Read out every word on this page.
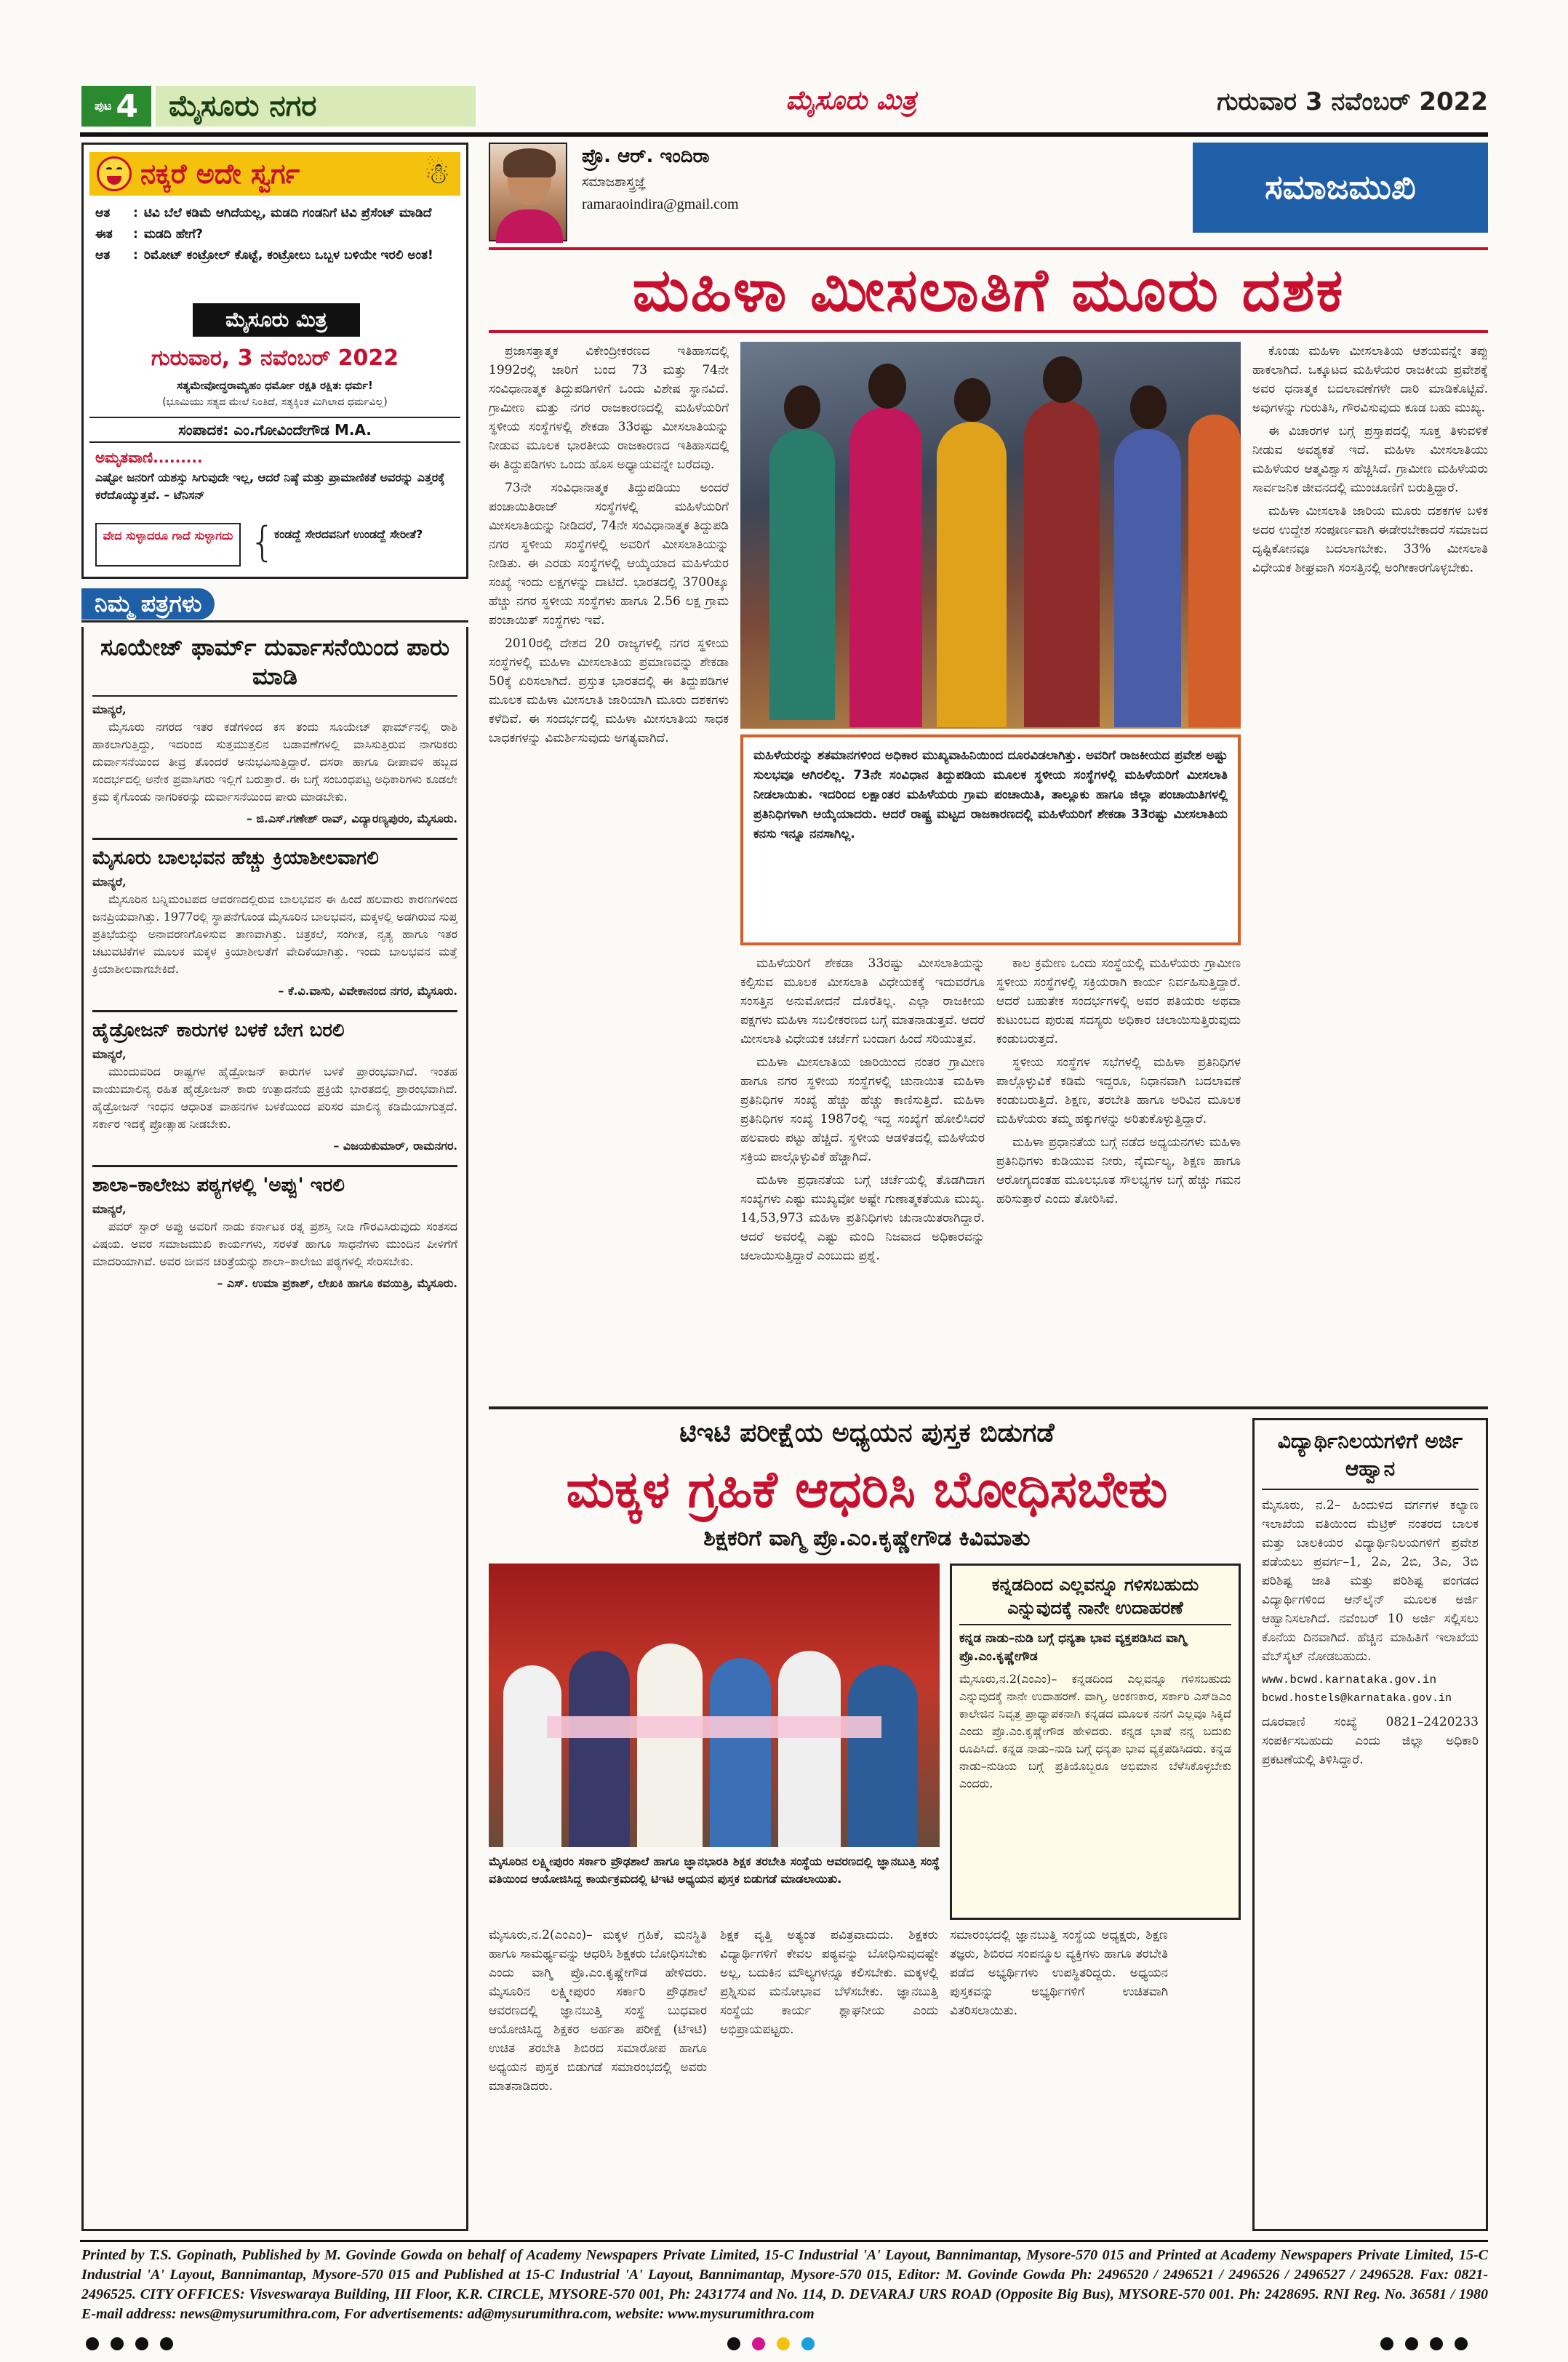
ಪುಟ 4 ಮೈಸೂರು ನಗರ	ಮೈಸೂರು ಮಿತ್ರ	ಗುರುವಾರ 3 ನವೆಂಬರ್ 2022
ನಕ್ಕರೆ ಅದೇ ಸ್ವರ್ಗ	☃
ಆತ	: ಟಿವಿ ಬೆಲೆ ಕಡಿಮೆ ಆಗಿದೆಯಲ್ಲ, ಮಡದಿ ಗಂಡನಿಗೆ ಟಿವಿ ಪ್ರೆಸೆಂಟ್ ಮಾಡಿದೆ
ಈತ	: ಮಡದಿ ಹೇಗೆ?
ಆತ	: ರಿಮೋಟ್ ಕಂಟ್ರೋಲ್ ಕೊಟ್ಟೆ, ಕಂಟ್ರೋಲು ಒಬ್ಬಳ ಬಳಿಯೇ ಇರಲಿ ಅಂತ!
ಮೈಸೂರು ಮಿತ್ರ
ಗುರುವಾರ, 3 ನವೆಂಬರ್ 2022
ಸತ್ಯಮೇವೋದ್ಧರಾಮ್ಯಹಂ ಧರ್ಮೋ ರಕ್ಷತಿ ರಕ್ಷಿತಃ ಧರ್ಮ!
(ಭೂಮಿಯು ಸತ್ಯದ ಮೇಲೆ ನಿಂತಿದೆ, ಸತ್ಯಕ್ಕಿಂತ ಮಿಗಿಲಾದ ಧರ್ಮವಿಲ್ಲ)
ಸಂಪಾದಕ: ಎಂ.ಗೋವಿಂದೇಗೌಡ M.A.
ಅಮೃತವಾಣಿ.........
ಎಷ್ಟೋ ಜನರಿಗೆ ಯಶಸ್ಸು ಸಿಗುವುದೇ ಇಲ್ಲ, ಆದರೆ ನಿಷ್ಠೆ ಮತ್ತು ಪ್ರಾಮಾಣಿಕತೆ ಅವರನ್ನು ಎತ್ತರಕ್ಕೆ ಕರೆದೊಯ್ಯುತ್ತವೆ. – ಟೆನಿಸನ್
ವೇದ ಸುಳ್ಳಾದರೂ ಗಾದೆ ಸುಳ್ಳಾಗದು {
ಕಂಡದ್ದೆ ಸೇರದವನಿಗೆ ಉಂಡದ್ದೆ ಸೇರೀತೆ?
ನಿಮ್ಮ ಪತ್ರಗಳು
ಸೂಯೇಜ್ ಫಾರ್ಮ್ ದುರ್ವಾಸನೆಯಿಂದ ಪಾರು ಮಾಡಿ
ಮಾನ್ಯರೆ,

ಮೈಸೂರು ನಗರದ ಇತರ ಕಡೆಗಳಿಂದ ಕಸ ತಂದು ಸೂಯೇಜ್ ಫಾರ್ಮ್‌ನಲ್ಲಿ ರಾಶಿ ಹಾಕಲಾಗುತ್ತಿದ್ದು, ಇದರಿಂದ ಸುತ್ತಮುತ್ತಲಿನ ಬಡಾವಣೆಗಳಲ್ಲಿ ವಾಸಿಸುತ್ತಿರುವ ನಾಗರಿಕರು ದುರ್ವಾಸನೆಯಿಂದ ತೀವ್ರ ತೊಂದರೆ ಅನುಭವಿಸುತ್ತಿದ್ದಾರೆ. ದಸರಾ ಹಾಗೂ ದೀಪಾವಳಿ ಹಬ್ಬದ ಸಂದರ್ಭದಲ್ಲಿ ಅನೇಕ ಪ್ರವಾಸಿಗರು ಇಲ್ಲಿಗೆ ಬರುತ್ತಾರೆ. ಈ ಬಗ್ಗೆ ಸಂಬಂಧಪಟ್ಟ ಅಧಿಕಾರಿಗಳು ಕೂಡಲೇ ಕ್ರಮ ಕೈಗೊಂಡು ನಾಗರಿಕರನ್ನು ದುರ್ವಾಸನೆಯಿಂದ ಪಾರು ಮಾಡಬೇಕು.

– ಜಿ.ಎಸ್.ಗಣೇಶ್ ರಾವ್, ವಿದ್ಯಾರಣ್ಯಪುರಂ, ಮೈಸೂರು.
ಮೈಸೂರು ಬಾಲಭವನ ಹೆಚ್ಚು ಕ್ರಿಯಾಶೀಲವಾಗಲಿ
ಮಾನ್ಯರೆ,

ಮೈಸೂರಿನ ಬನ್ನಿಮಂಟಪದ ಆವರಣದಲ್ಲಿರುವ ಬಾಲಭವನ ಈ ಹಿಂದೆ ಹಲವಾರು ಕಾರಣಗಳಿಂದ ಜನಪ್ರಿಯವಾಗಿತ್ತು. 1977ರಲ್ಲಿ ಸ್ಥಾಪನೆಗೊಂಡ ಮೈಸೂರಿನ ಬಾಲಭವನ, ಮಕ್ಕಳಲ್ಲಿ ಅಡಗಿರುವ ಸುಪ್ತ ಪ್ರತಿಭೆಯನ್ನು ಅನಾವರಣಗೊಳಿಸುವ ತಾಣವಾಗಿತ್ತು. ಚಿತ್ರಕಲೆ, ಸಂಗೀತ, ನೃತ್ಯ ಹಾಗೂ ಇತರ ಚಟುವಟಿಕೆಗಳ ಮೂಲಕ ಮಕ್ಕಳ ಕ್ರಿಯಾಶೀಲತೆಗೆ ವೇದಿಕೆಯಾಗಿತ್ತು. ಇಂದು ಬಾಲಭವನ ಮತ್ತೆ ಕ್ರಿಯಾಶೀಲವಾಗಬೇಕಿದೆ.

– ಕೆ.ವಿ.ವಾಸು, ವಿವೇಕಾನಂದ ನಗರ, ಮೈಸೂರು.
ಹೈಡ್ರೋಜನ್ ಕಾರುಗಳ ಬಳಕೆ ಬೇಗ ಬರಲಿ
ಮಾನ್ಯರೆ,

ಮುಂದುವರಿದ ರಾಷ್ಟ್ರಗಳ ಹೈಡ್ರೋಜನ್ ಕಾರುಗಳ ಬಳಕೆ ಪ್ರಾರಂಭವಾಗಿದೆ. ಇಂತಹ ವಾಯುಮಾಲಿನ್ಯ ರಹಿತ ಹೈಡ್ರೋಜನ್ ಕಾರು ಉತ್ಪಾದನೆಯ ಪ್ರಕ್ರಿಯೆ ಭಾರತದಲ್ಲಿ ಪ್ರಾರಂಭವಾಗಿದೆ. ಹೈಡ್ರೋಜನ್ ಇಂಧನ ಆಧಾರಿತ ವಾಹನಗಳ ಬಳಕೆಯಿಂದ ಪರಿಸರ ಮಾಲಿನ್ಯ ಕಡಿಮೆಯಾಗುತ್ತದೆ. ಸರ್ಕಾರ ಇದಕ್ಕೆ ಪ್ರೋತ್ಸಾಹ ನೀಡಬೇಕು.

– ವಿಜಯಕುಮಾರ್, ರಾಮನಗರ.
ಶಾಲಾ–ಕಾಲೇಜು ಪಠ್ಯಗಳಲ್ಲಿ 'ಅಪ್ಪು' ಇರಲಿ
ಮಾನ್ಯರೆ,

ಪವರ್ ಸ್ಟಾರ್ ಅಪ್ಪು ಅವರಿಗೆ ನಾಡು ಕರ್ನಾಟಕ ರತ್ನ ಪ್ರಶಸ್ತಿ ನೀಡಿ ಗೌರವಿಸಿರುವುದು ಸಂತಸದ ವಿಷಯ. ಅವರ ಸಮಾಜಮುಖಿ ಕಾರ್ಯಗಳು, ಸರಳತೆ ಹಾಗೂ ಸಾಧನೆಗಳು ಮುಂದಿನ ಪೀಳಿಗೆಗೆ ಮಾದರಿಯಾಗಿವೆ. ಅವರ ಜೀವನ ಚರಿತ್ರೆಯನ್ನು ಶಾಲಾ–ಕಾಲೇಜು ಪಠ್ಯಗಳಲ್ಲಿ ಸೇರಿಸಬೇಕು.

– ಎಸ್. ಉಮಾ ಪ್ರಕಾಶ್, ಲೇಖಕಿ ಹಾಗೂ ಕವಯಿತ್ರಿ, ಮೈಸೂರು.
ಪ್ರೊ. ಆರ್. ಇಂದಿರಾ
ಸಮಾಜಶಾಸ್ತ್ರಜ್ಞೆ
ramaraoindira@gmail.com	ಸಮಾಜಮುಖಿ
ಮಹಿಳಾ ಮೀಸಲಾತಿಗೆ ಮೂರು ದಶಕ

ಪ್ರಜಾಸತ್ತಾತ್ಮಕ ವಿಕೇಂದ್ರೀಕರಣದ ಇತಿಹಾಸದಲ್ಲಿ 1992ರಲ್ಲಿ ಜಾರಿಗೆ ಬಂದ 73 ಮತ್ತು 74ನೇ ಸಂವಿಧಾನಾತ್ಮಕ ತಿದ್ದುಪಡಿಗಳಿಗೆ ಒಂದು ವಿಶೇಷ ಸ್ಥಾನವಿದೆ. ಗ್ರಾಮೀಣ ಮತ್ತು ನಗರ ರಾಜಕಾರಣದಲ್ಲಿ ಮಹಿಳೆಯರಿಗೆ ಸ್ಥಳೀಯ ಸಂಸ್ಥೆಗಳಲ್ಲಿ ಶೇಕಡಾ 33ರಷ್ಟು ಮೀಸಲಾತಿಯನ್ನು ನೀಡುವ ಮೂಲಕ ಭಾರತೀಯ ರಾಜಕಾರಣದ ಇತಿಹಾಸದಲ್ಲಿ ಈ ತಿದ್ದುಪಡಿಗಳು ಒಂದು ಹೊಸ ಅಧ್ಯಾಯವನ್ನೇ ಬರೆದವು.

73ನೇ ಸಂವಿಧಾನಾತ್ಮಕ ತಿದ್ದುಪಡಿಯು ಅಂದರೆ ಪಂಚಾಯಿತಿರಾಜ್ ಸಂಸ್ಥೆಗಳಲ್ಲಿ ಮಹಿಳೆಯರಿಗೆ ಮೀಸಲಾತಿಯನ್ನು ನೀಡಿದರೆ, 74ನೇ ಸಂವಿಧಾನಾತ್ಮಕ ತಿದ್ದುಪಡಿ ನಗರ ಸ್ಥಳೀಯ ಸಂಸ್ಥೆಗಳಲ್ಲಿ ಅವರಿಗೆ ಮೀಸಲಾತಿಯನ್ನು ನೀಡಿತು. ಈ ಎರಡು ಸಂಸ್ಥೆಗಳಲ್ಲಿ ಆಯ್ಕೆಯಾದ ಮಹಿಳೆಯರ ಸಂಖ್ಯೆ ಇಂದು ಲಕ್ಷಗಳನ್ನು ದಾಟಿದೆ. ಭಾರತದಲ್ಲಿ 3700ಕ್ಕೂ ಹೆಚ್ಚು ನಗರ ಸ್ಥಳೀಯ ಸಂಸ್ಥೆಗಳು ಹಾಗೂ 2.56 ಲಕ್ಷ ಗ್ರಾಮ ಪಂಚಾಯಿತ್ ಸಂಸ್ಥೆಗಳು ಇವೆ.

2010ರಲ್ಲಿ ದೇಶದ 20 ರಾಜ್ಯಗಳಲ್ಲಿ ನಗರ ಸ್ಥಳೀಯ ಸಂಸ್ಥೆಗಳಲ್ಲಿ ಮಹಿಳಾ ಮೀಸಲಾತಿಯ ಪ್ರಮಾಣವನ್ನು ಶೇಕಡಾ 50ಕ್ಕೆ ಏರಿಸಲಾಗಿದೆ. ಪ್ರಸ್ತುತ ಭಾರತದಲ್ಲಿ ಈ ತಿದ್ದುಪಡಿಗಳ ಮೂಲಕ ಮಹಿಳಾ ಮೀಸಲಾತಿ ಜಾರಿಯಾಗಿ ಮೂರು ದಶಕಗಳು ಕಳೆದಿವೆ. ಈ ಸಂದರ್ಭದಲ್ಲಿ ಮಹಿಳಾ ಮೀಸಲಾತಿಯ ಸಾಧಕ ಬಾಧಕಗಳನ್ನು ವಿಮರ್ಶಿಸುವುದು ಅಗತ್ಯವಾಗಿದೆ.

ಕೊಂಡು ಮಹಿಳಾ ಮೀಸಲಾತಿಯ ಆಶಯವನ್ನೇ ತಪ್ಪು ಹಾಕಲಾಗಿದೆ. ಒಕ್ಕೂಟದ ಮಹಿಳೆಯರ ರಾಜಕೀಯ ಪ್ರವೇಶಕ್ಕೆ ಅವರ ಧನಾತ್ಮಕ ಬದಲಾವಣೆಗಳೇ ದಾರಿ ಮಾಡಿಕೊಟ್ಟಿವೆ. ಅವುಗಳನ್ನು ಗುರುತಿಸಿ, ಗೌರವಿಸುವುದು ಕೂಡ ಬಹು ಮುಖ್ಯ.

ಈ ವಿಚಾರಗಳ ಬಗ್ಗೆ ಪ್ರಸ್ತಾಪದಲ್ಲಿ ಸೂಕ್ತ ತಿಳುವಳಿಕೆ ನೀಡುವ ಅವಶ್ಯಕತೆ ಇದೆ. ಮಹಿಳಾ ಮೀಸಲಾತಿಯು ಮಹಿಳೆಯರ ಆತ್ಮವಿಶ್ವಾಸ ಹೆಚ್ಚಿಸಿದೆ. ಗ್ರಾಮೀಣ ಮಹಿಳೆಯರು ಸಾರ್ವಜನಿಕ ಜೀವನದಲ್ಲಿ ಮುಂಚೂಣಿಗೆ ಬರುತ್ತಿದ್ದಾರೆ.

ಮಹಿಳಾ ಮೀಸಲಾತಿ ಜಾರಿಯ ಮೂರು ದಶಕಗಳ ಬಳಿಕ ಅದರ ಉದ್ದೇಶ ಸಂಪೂರ್ಣವಾಗಿ ಈಡೇರಬೇಕಾದರೆ ಸಮಾಜದ ದೃಷ್ಟಿಕೋನವೂ ಬದಲಾಗಬೇಕು. 33% ಮೀಸಲಾತಿ ವಿಧೇಯಕ ಶೀಘ್ರವಾಗಿ ಸಂಸತ್ತಿನಲ್ಲಿ ಅಂಗೀಕಾರಗೊಳ್ಳಬೇಕು.

ಮಹಿಳೆಯರನ್ನು ಶತಮಾನಗಳಿಂದ ಅಧಿಕಾರ ಮುಖ್ಯವಾಹಿನಿಯಿಂದ ದೂರವಿಡಲಾಗಿತ್ತು. ಅವರಿಗೆ ರಾಜಕೀಯದ ಪ್ರವೇಶ ಅಷ್ಟು ಸುಲಭವೂ ಆಗಿರಲಿಲ್ಲ. 73ನೇ ಸಂವಿಧಾನ ತಿದ್ದುಪಡಿಯ ಮೂಲಕ ಸ್ಥಳೀಯ ಸಂಸ್ಥೆಗಳಲ್ಲಿ ಮಹಿಳೆಯರಿಗೆ ಮೀಸಲಾತಿ ನೀಡಲಾಯಿತು. ಇದರಿಂದ ಲಕ್ಷಾಂತರ ಮಹಿಳೆಯರು ಗ್ರಾಮ ಪಂಚಾಯಿತಿ, ತಾಲ್ಲೂಕು ಹಾಗೂ ಜಿಲ್ಲಾ ಪಂಚಾಯಿತಿಗಳಲ್ಲಿ ಪ್ರತಿನಿಧಿಗಳಾಗಿ ಆಯ್ಕೆಯಾದರು. ಆದರೆ ರಾಷ್ಟ್ರ ಮಟ್ಟದ ರಾಜಕಾರಣದಲ್ಲಿ ಮಹಿಳೆಯರಿಗೆ ಶೇಕಡಾ 33ರಷ್ಟು ಮೀಸಲಾತಿಯ ಕನಸು ಇನ್ನೂ ನನಸಾಗಿಲ್ಲ.

ಮಹಿಳೆಯರಿಗೆ ಶೇಕಡಾ 33ರಷ್ಟು ಮೀಸಲಾತಿಯನ್ನು ಕಲ್ಪಿಸುವ ಮೂಲಕ ಮೀಸಲಾತಿ ವಿಧೇಯಕಕ್ಕೆ ಇದುವರೆಗೂ ಸಂಸತ್ತಿನ ಅನುಮೋದನೆ ದೊರೆತಿಲ್ಲ. ಎಲ್ಲಾ ರಾಜಕೀಯ ಪಕ್ಷಗಳು ಮಹಿಳಾ ಸಬಲೀಕರಣದ ಬಗ್ಗೆ ಮಾತನಾಡುತ್ತವೆ. ಆದರೆ ಮೀಸಲಾತಿ ವಿಧೇಯಕ ಚರ್ಚೆಗೆ ಬಂದಾಗ ಹಿಂದೆ ಸರಿಯುತ್ತವೆ.

ಮಹಿಳಾ ಮೀಸಲಾತಿಯ ಜಾರಿಯಿಂದ ನಂತರ ಗ್ರಾಮೀಣ ಹಾಗೂ ನಗರ ಸ್ಥಳೀಯ ಸಂಸ್ಥೆಗಳಲ್ಲಿ ಚುನಾಯಿತ ಮಹಿಳಾ ಪ್ರತಿನಿಧಿಗಳ ಸಂಖ್ಯೆ ಹೆಚ್ಚು ಹೆಚ್ಚು ಕಾಣಿಸುತ್ತಿದೆ. ಮಹಿಳಾ ಪ್ರತಿನಿಧಿಗಳ ಸಂಖ್ಯೆ 1987ರಲ್ಲಿ ಇದ್ದ ಸಂಖ್ಯೆಗೆ ಹೋಲಿಸಿದರೆ ಹಲವಾರು ಪಟ್ಟು ಹೆಚ್ಚಿದೆ. ಸ್ಥಳೀಯ ಆಡಳಿತದಲ್ಲಿ ಮಹಿಳೆಯರ ಸಕ್ರಿಯ ಪಾಲ್ಗೊಳ್ಳುವಿಕೆ ಹೆಚ್ಚಾಗಿದೆ.

ಮಹಿಳಾ ಪ್ರಧಾನತೆಯ ಬಗ್ಗೆ ಚರ್ಚೆಯಲ್ಲಿ ತೊಡಗಿದಾಗ ಸಂಖ್ಯೆಗಳು ಎಷ್ಟು ಮುಖ್ಯವೋ ಅಷ್ಟೇ ಗುಣಾತ್ಮಕತೆಯೂ ಮುಖ್ಯ. 14,53,973 ಮಹಿಳಾ ಪ್ರತಿನಿಧಿಗಳು ಚುನಾಯಿತರಾಗಿದ್ದಾರೆ. ಆದರೆ ಅವರಲ್ಲಿ ಎಷ್ಟು ಮಂದಿ ನಿಜವಾದ ಅಧಿಕಾರವನ್ನು ಚಲಾಯಿಸುತ್ತಿದ್ದಾರೆ ಎಂಬುದು ಪ್ರಶ್ನೆ.

ಕಾಲ ಕ್ರಮೇಣ ಒಂದು ಸಂಸ್ಥೆಯಲ್ಲಿ ಮಹಿಳೆಯರು ಗ್ರಾಮೀಣ ಸ್ಥಳೀಯ ಸಂಸ್ಥೆಗಳಲ್ಲಿ ಸಕ್ರಿಯರಾಗಿ ಕಾರ್ಯ ನಿರ್ವಹಿಸುತ್ತಿದ್ದಾರೆ. ಆದರೆ ಬಹುತೇಕ ಸಂದರ್ಭಗಳಲ್ಲಿ ಅವರ ಪತಿಯರು ಅಥವಾ ಕುಟುಂಬದ ಪುರುಷ ಸದಸ್ಯರು ಅಧಿಕಾರ ಚಲಾಯಿಸುತ್ತಿರುವುದು ಕಂಡುಬರುತ್ತದೆ.

ಸ್ಥಳೀಯ ಸಂಸ್ಥೆಗಳ ಸಭೆಗಳಲ್ಲಿ ಮಹಿಳಾ ಪ್ರತಿನಿಧಿಗಳ ಪಾಲ್ಗೊಳ್ಳುವಿಕೆ ಕಡಿಮೆ ಇದ್ದರೂ, ನಿಧಾನವಾಗಿ ಬದಲಾವಣೆ ಕಂಡುಬರುತ್ತಿದೆ. ಶಿಕ್ಷಣ, ತರಬೇತಿ ಹಾಗೂ ಅರಿವಿನ ಮೂಲಕ ಮಹಿಳೆಯರು ತಮ್ಮ ಹಕ್ಕುಗಳನ್ನು ಅರಿತುಕೊಳ್ಳುತ್ತಿದ್ದಾರೆ.

ಮಹಿಳಾ ಪ್ರಧಾನತೆಯ ಬಗ್ಗೆ ನಡೆದ ಅಧ್ಯಯನಗಳು ಮಹಿಳಾ ಪ್ರತಿನಿಧಿಗಳು ಕುಡಿಯುವ ನೀರು, ನೈರ್ಮಲ್ಯ, ಶಿಕ್ಷಣ ಹಾಗೂ ಆರೋಗ್ಯದಂತಹ ಮೂಲಭೂತ ಸೌಲಭ್ಯಗಳ ಬಗ್ಗೆ ಹೆಚ್ಚು ಗಮನ ಹರಿಸುತ್ತಾರೆ ಎಂದು ತೋರಿಸಿವೆ.

ಟಿಇಟಿ ಪರೀಕ್ಷೆಯ ಅಧ್ಯಯನ ಪುಸ್ತಕ ಬಿಡುಗಡೆ
ಮಕ್ಕಳ ಗ್ರಹಿಕೆ ಆಧರಿಸಿ ಬೋಧಿಸಬೇಕು
ಶಿಕ್ಷಕರಿಗೆ ವಾಗ್ಮಿ ಪ್ರೊ.ಎಂ.ಕೃಷ್ಣೇಗೌಡ ಕಿವಿಮಾತು
ಮೈಸೂರಿನ ಲಕ್ಷ್ಮೀಪುರಂ ಸರ್ಕಾರಿ ಪ್ರೌಢಶಾಲೆ ಹಾಗೂ ಜ್ಞಾನಭಾರತಿ ಶಿಕ್ಷಕ ತರಬೇತಿ ಸಂಸ್ಥೆಯ ಆವರಣದಲ್ಲಿ ಜ್ಞಾನಬುತ್ತಿ ಸಂಸ್ಥೆ ವತಿಯಿಂದ ಆಯೋಜಿಸಿದ್ದ ಕಾರ್ಯಕ್ರಮದಲ್ಲಿ ಟಿಇಟಿ ಅಧ್ಯಯನ ಪುಸ್ತಕ ಬಿಡುಗಡೆ ಮಾಡಲಾಯಿತು.
ಮೈಸೂರು,ನ.2(ಎಂಎಂ)– ಮಕ್ಕಳ ಗ್ರಹಿಕೆ, ಮನಸ್ಥಿತಿ ಹಾಗೂ ಸಾಮರ್ಥ್ಯವನ್ನು ಆಧರಿಸಿ ಶಿಕ್ಷಕರು ಬೋಧಿಸಬೇಕು ಎಂದು ವಾಗ್ಮಿ ಪ್ರೊ.ಎಂ.ಕೃಷ್ಣೇಗೌಡ ಹೇಳಿದರು. ಮೈಸೂರಿನ ಲಕ್ಷ್ಮೀಪುರಂ ಸರ್ಕಾರಿ ಪ್ರೌಢಶಾಲೆ ಆವರಣದಲ್ಲಿ ಜ್ಞಾನಬುತ್ತಿ ಸಂಸ್ಥೆ ಬುಧವಾರ ಆಯೋಜಿಸಿದ್ದ ಶಿಕ್ಷಕರ ಅರ್ಹತಾ ಪರೀಕ್ಷೆ (ಟಿಇಟಿ) ಉಚಿತ ತರಬೇತಿ ಶಿಬಿರದ ಸಮಾರೋಪ ಹಾಗೂ ಅಧ್ಯಯನ ಪುಸ್ತಕ ಬಿಡುಗಡೆ ಸಮಾರಂಭದಲ್ಲಿ ಅವರು ಮಾತನಾಡಿದರು.
ಶಿಕ್ಷಕ ವೃತ್ತಿ ಅತ್ಯಂತ ಪವಿತ್ರವಾದುದು. ಶಿಕ್ಷಕರು ವಿದ್ಯಾರ್ಥಿಗಳಿಗೆ ಕೇವಲ ಪಠ್ಯವನ್ನು ಬೋಧಿಸುವುದಷ್ಟೇ ಅಲ್ಲ, ಬದುಕಿನ ಮೌಲ್ಯಗಳನ್ನೂ ಕಲಿಸಬೇಕು. ಮಕ್ಕಳಲ್ಲಿ ಪ್ರಶ್ನಿಸುವ ಮನೋಭಾವ ಬೆಳೆಸಬೇಕು. ಜ್ಞಾನಬುತ್ತಿ ಸಂಸ್ಥೆಯ ಕಾರ್ಯ ಶ್ಲಾಘನೀಯ ಎಂದು ಅಭಿಪ್ರಾಯಪಟ್ಟರು.
ಸಮಾರಂಭದಲ್ಲಿ ಜ್ಞಾನಬುತ್ತಿ ಸಂಸ್ಥೆಯ ಅಧ್ಯಕ್ಷರು, ಶಿಕ್ಷಣ ತಜ್ಞರು, ಶಿಬಿರದ ಸಂಪನ್ಮೂಲ ವ್ಯಕ್ತಿಗಳು ಹಾಗೂ ತರಬೇತಿ ಪಡೆದ ಅಭ್ಯರ್ಥಿಗಳು ಉಪಸ್ಥಿತರಿದ್ದರು. ಅಧ್ಯಯನ ಪುಸ್ತಕವನ್ನು ಅಭ್ಯರ್ಥಿಗಳಿಗೆ ಉಚಿತವಾಗಿ ವಿತರಿಸಲಾಯಿತು.
ಕನ್ನಡದಿಂದ ಎಲ್ಲವನ್ನೂ ಗಳಿಸಬಹುದು ಎನ್ನುವುದಕ್ಕೆ ನಾನೇ ಉದಾಹರಣೆ
ಕನ್ನಡ ನಾಡು–ನುಡಿ ಬಗ್ಗೆ ಧನ್ಯತಾ ಭಾವ ವ್ಯಕ್ತಪಡಿಸಿದ ವಾಗ್ಮಿ ಪ್ರೊ.ಎಂ.ಕೃಷ್ಣೇಗೌಡ
ಮೈಸೂರು,ನ.2(ಎಂಎಂ)– ಕನ್ನಡದಿಂದ ಎಲ್ಲವನ್ನೂ ಗಳಿಸಬಹುದು ಎನ್ನುವುದಕ್ಕೆ ನಾನೇ ಉದಾಹರಣೆ. ವಾಗ್ಮಿ, ಅಂಕಣಕಾರ, ಸರ್ಕಾರಿ ಎಸ್‌ಡಿಎಂ ಕಾಲೇಜಿನ ನಿವೃತ್ತ ಪ್ರಾಧ್ಯಾಪಕನಾಗಿ ಕನ್ನಡದ ಮೂಲಕ ನನಗೆ ಎಲ್ಲವೂ ಸಿಕ್ಕಿದೆ ಎಂದು ಪ್ರೊ.ಎಂ.ಕೃಷ್ಣೇಗೌಡ ಹೇಳಿದರು. ಕನ್ನಡ ಭಾಷೆ ನನ್ನ ಬದುಕು ರೂಪಿಸಿದೆ. ಕನ್ನಡ ನಾಡು–ನುಡಿ ಬಗ್ಗೆ ಧನ್ಯತಾ ಭಾವ ವ್ಯಕ್ತಪಡಿಸಿದರು. ಕನ್ನಡ ನಾಡು–ನುಡಿಯ ಬಗ್ಗೆ ಪ್ರತಿಯೊಬ್ಬರೂ ಅಭಿಮಾನ ಬೆಳೆಸಿಕೊಳ್ಳಬೇಕು ಎಂದರು.
ವಿದ್ಯಾರ್ಥಿನಿಲಯಗಳಿಗೆ ಅರ್ಜಿ ಆಹ್ವಾನ
ಮೈಸೂರು, ನ.2– ಹಿಂದುಳಿದ ವರ್ಗಗಳ ಕಲ್ಯಾಣ ಇಲಾಖೆಯ ವತಿಯಿಂದ ಮೆಟ್ರಿಕ್ ನಂತರದ ಬಾಲಕ ಮತ್ತು ಬಾಲಕಿಯರ ವಿದ್ಯಾರ್ಥಿನಿಲಯಗಳಿಗೆ ಪ್ರವೇಶ ಪಡೆಯಲು ಪ್ರವರ್ಗ–1, 2ಎ, 2ಬಿ, 3ಎ, 3ಬಿ ಪರಿಶಿಷ್ಟ ಜಾತಿ ಮತ್ತು ಪರಿಶಿಷ್ಟ ಪಂಗಡದ ವಿದ್ಯಾರ್ಥಿಗಳಿಂದ ಆನ್‌ಲೈನ್ ಮೂಲಕ ಅರ್ಜಿ ಆಹ್ವಾನಿಸಲಾಗಿದೆ. ನವೆಂಬರ್ 10 ಅರ್ಜಿ ಸಲ್ಲಿಸಲು ಕೊನೆಯ ದಿನವಾಗಿದೆ. ಹೆಚ್ಚಿನ ಮಾಹಿತಿಗೆ ಇಲಾಖೆಯ ವೆಬ್‌ಸೈಟ್ ನೋಡಬಹುದು.
www.bcwd.karnataka.gov.in
bcwd.hostels@karnataka.gov.in
ದೂರವಾಣಿ ಸಂಖ್ಯೆ 0821–2420233 ಸಂಪರ್ಕಿಸಬಹುದು ಎಂದು ಜಿಲ್ಲಾ ಅಧಿಕಾರಿ ಪ್ರಕಟಣೆಯಲ್ಲಿ ತಿಳಿಸಿದ್ದಾರೆ.
Printed by T.S. Gopinath, Published by M. Govinde Gowda on behalf of Academy Newspapers Private Limited, 15-C Industrial 'A' Layout, Bannimantap, Mysore-570 015 and Printed at Academy Newspapers Private Limited, 15-C Industrial 'A' Layout, Bannimantap, Mysore-570 015 and Published at 15-C Industrial 'A' Layout, Bannimantap, Mysore-570 015, Editor: M. Govinde Gowda Ph: 2496520 / 2496521 / 2496526 / 2496527 / 2496528. Fax: 0821-2496525. CITY OFFICES: Visveswaraya Building, III Floor, K.R. CIRCLE, MYSORE-570 001, Ph: 2431774 and No. 114, D. DEVARAJ URS ROAD (Opposite Big Bus), MYSORE-570 001. Ph: 2428695. RNI Reg. No. 36581 / 1980 E-mail address: news@mysurumithra.com, For advertisements: ad@mysurumithra.com, website: www.mysurumithra.com
